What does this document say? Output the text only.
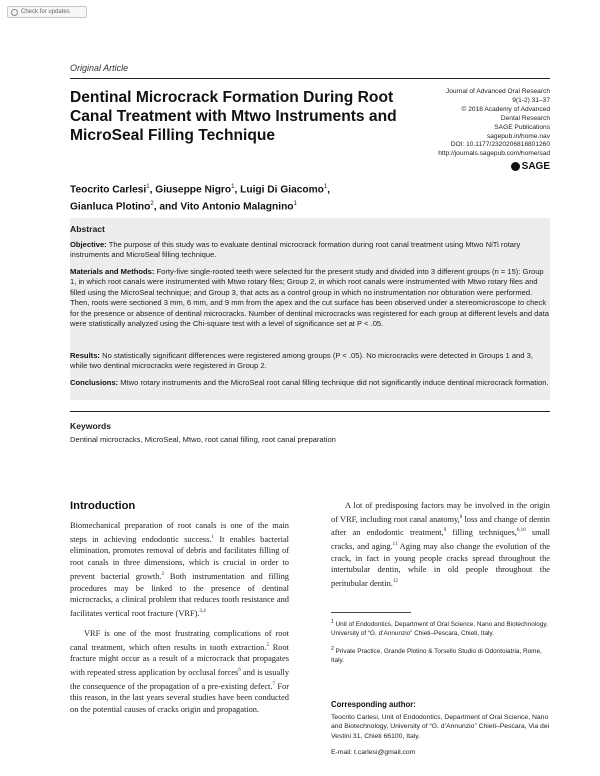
Check for updates
Original Article
Dentinal Microcrack Formation During Root Canal Treatment with Mtwo Instruments and MicroSeal Filling Technique
Journal of Advanced Oral Research
9(1-2) 31–37
© 2018 Academy of Advanced
Dental Research
SAGE Publications
sagepub.in/home.nav
DOI: 10.1177/2320206818801260
http://journals.sagepub.com/home/sad
SAGE

Teocrito Carlesi$^1$, Giuseppe Nigro$^1$, Luigi Di Giacomo$^1$,
Gianluca Plotino$^2$, and Vito Antonio Malagnino$^1$

Abstract

Objective: The purpose of this study was to evaluate dentinal microcrack formation during root canal treatment using Mtwo NiTi rotary instruments and MicroSeal filling technique.

Materials and Methods: Forty-five single-rooted teeth were selected for the present study and divided into 3 different groups (n = 15): Group 1, in which root canals were instrumented with Mtwo rotary files; Group 2, in which root canals were instrumented with Mtwo rotary files and filled using the MicroSeal technique; and Group 3, that acts as a control group in which no instrumentation nor obturation were performed. Then, roots were sectioned 3 mm, 6 mm, and 9 mm from the apex and the cut surface has been observed under a stereomicroscope to check for the presence or absence of dentinal microcracks. Number of dentinal microcracks was registered for each group at different levels and data were statistically analyzed using the Chi-square test with a level of significance set at P < .05.

Results: No statistically significant differences were registered among groups (P < .05). No microcracks were detected in Groups 1 and 3, while two dentinal microcracks were registered in Group 2.

Conclusions: Mtwo rotary instruments and the MicroSeal root canal filling technique did not significantly induce dentinal microcrack formation.

Keywords
Dentinal microcracks, MicroSeal, Mtwo, root canal filling, root canal preparation
Introduction

Biomechanical preparation of root canals is one of the main steps in achieving endodontic success.$^1$ It enables bacterial elimination, promotes removal of debris and facilitates filling of root canals in three dimensions, which is crucial in order to prevent bacterial growth.$^2$ Both instrumentation and filling procedures may be linked to the presence of dentinal microcracks, a clinical problem that reduces tooth resistance and facilitates vertical root fracture (VRF).$^{3,4}$

VRF is one of the most frustrating complications of root canal treatment, which often results in tooth extraction.$^5$ Root fracture might occur as a result of a microcrack that propagates with repeated stress application by occlusal forces$^6$ and is usually the consequence of the propagation of a pre-existing defect.$^7$ For this reason, in the last years several studies have been conducted on the potential causes of cracks origin and propagation.

A lot of predisposing factors may be involved in the origin of VRF, including root canal anatomy,$^8$ loss and change of dentin after an endodontic treatment,$^9$ filling techniques,$^{6,10}$ small cracks, and aging.$^{11}$ Aging may also change the evolution of the crack, in fact in young people cracks spread throughout the intertubular dentin, while in old people throughout the peritubular dentin.$^{12}$

$^1$ Unit of Endodontics, Department of Oral Science, Nano and Biotechnology, University of “G. d’Annunzio” Chieti–Pescara, Chieti, Italy.

$^2$ Private Practice, Grande Plotino & Torsello Studio di Odontoiatria, Rome, Italy.

Corresponding author:

Teocrito Carlesi, Unit of Endodontics, Department of Oral Science, Nano and Biotechnology, University of “G. d’Annunzio” Chieti–Pescara, Via dei Vestini 31, Chieti 66100, Italy.

E-mail: t.carlesi@gmail.com
